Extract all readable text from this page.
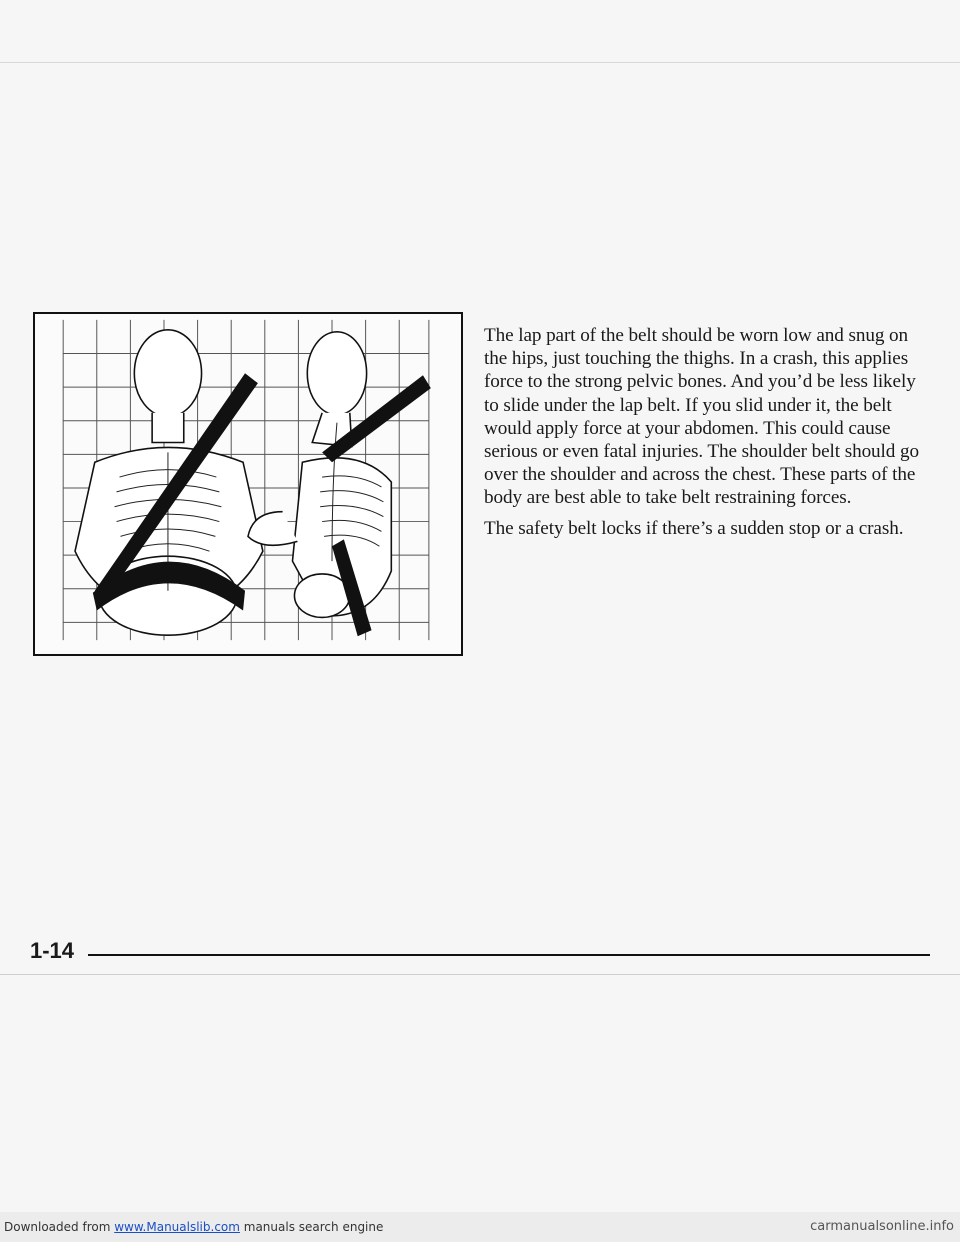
The lap part of the belt should be worn low and snug on the hips, just touching the thighs. In a crash, this applies force to the strong pelvic bones. And you’d be less likely to slide under the lap belt. If you slid under it, the belt would apply force at your abdomen. This could cause serious or even fatal injuries. The shoulder belt should go over the shoulder and across the chest. These parts of the body are best able to take belt restraining forces.

The safety belt locks if there’s a sudden stop or a crash.

1-14
Downloaded from www.Manualslib.com manuals search engine	carmanualsonline.info
